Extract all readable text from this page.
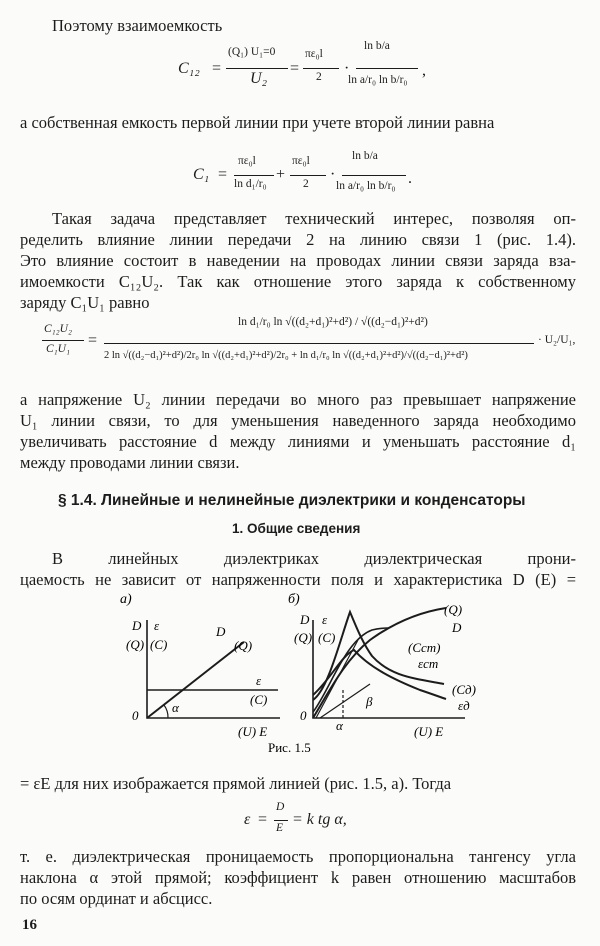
Поэтому взаимоемкость
C₁₂ =
(Q₁) U₁=0
U₂
=
πε₀l
2 ·
ln b/a
ln a/r₀ ln b/r₀
,
а собственная емкость первой линии при учете второй линии равна
C₁ =
πε₀l
ln d₁/r₀
+
πε₀l
2
·
ln b/a
ln a/r₀ ln b/r₀ .
Такая задача представляет технический интерес, позволяя оп-
ределить влияние линии передачи 2 на линию связи 1 (рис. 1.4).
Это влияние состоит в наведении на проводах линии связи заряда вза-
имоемкости C₁₂U₂. Так как отношение этого заряда к собственному
заряду C₁U₁ равно
C₁₂U₂
C₁U₁ =
ln d₁/r₀ ln √((d₂+d₁)²+d²) / √((d₂−d₁)²+d²)
2 ln √((d₂−d₁)²+d²)/2r₀ ln √((d₂+d₁)²+d²)/2r₀ + ln d₁/r₀ ln √((d₂+d₁)²+d²)/√((d₂−d₁)²+d²)
· U₂/U₁,
а напряжение U₂ линии передачи во много раз превышает напряжение
U₁ линии связи, то для уменьшения наведенного заряда необходимо
увеличивать расстояние d между линиями и уменьшать расстояние d₁
между проводами линии связи.
§ 1.4. Линейные и нелинейные диэлектрики и конденсаторы
1. Общие сведения
В линейных диэлектриках диэлектрическая прони-
цаемость не зависит от напряженности поля и характеристика D (E) =
а)
D ε
(Q) (C)
D
(Q)
ε
(C)
α
0
(U) E
б)
D ε
(Q) (C)
(Q)
D
(Cст)
εст
(Cд)
εд
α
β
0
(U) E
Рис. 1.5
= εE для них изображается прямой линией (рис. 1.5, а). Тогда
ε =
D
E = k tg α,
т. е. диэлектрическая проницаемость пропорциональна тангенсу угла
наклона α этой прямой; коэффициент k равен отношению масштабов
по осям ординат и абсцисс.
16
